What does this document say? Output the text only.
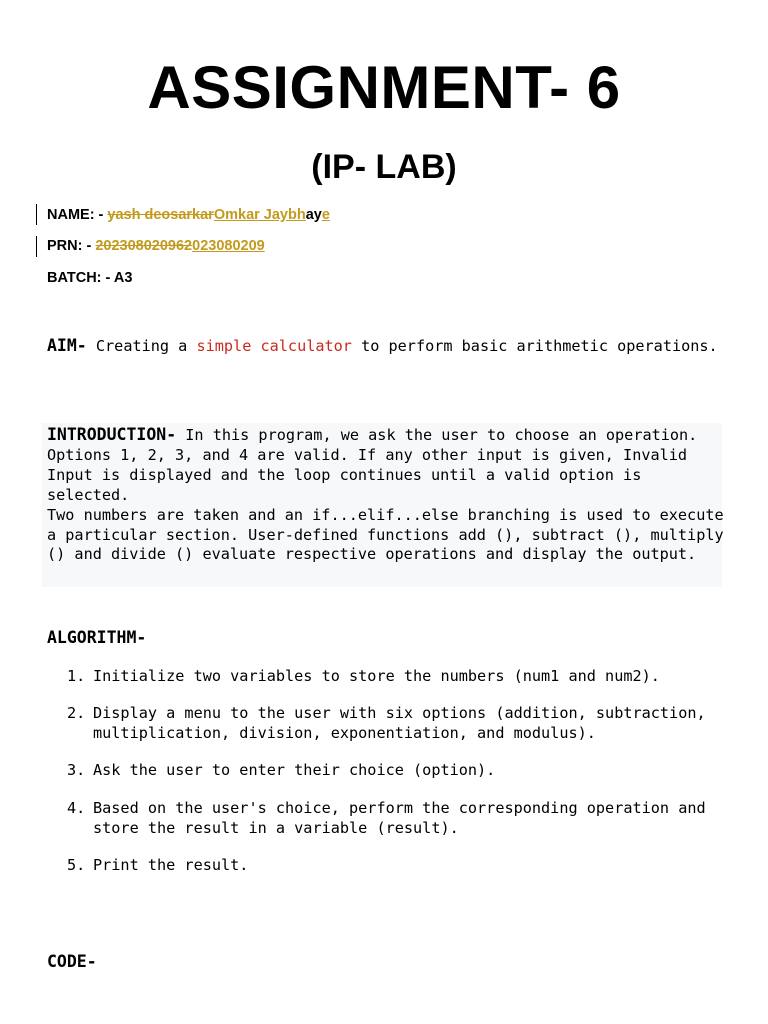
ASSIGNMENT- 6
(IP- LAB)
NAME: - yash deosarkarOmkar Jaybhaye
PRN: - 202308020962023080209
BATCH: - A3
AIM- Creating a simple calculator to perform basic arithmetic operations.

INTRODUCTION- In this program, we ask the user to choose an operation. Options 1, 2, 3, and 4 are valid. If any other input is given, Invalid Input is displayed and the loop continues until a valid option is selected.

Two numbers are taken and an if...elif...else branching is used to execute a particular section. User-defined functions add (), subtract (), multiply () and divide () evaluate respective operations and display the output.

ALGORITHM-
1. Initialize two variables to store the numbers (num1 and num2).
2. Display a menu to the user with six options (addition, subtraction, multiplication, division, exponentiation, and modulus).
3. Ask the user to enter their choice (option).
4. Based on the user's choice, perform the corresponding operation and store the result in a variable (result).
5. Print the result.
CODE-
